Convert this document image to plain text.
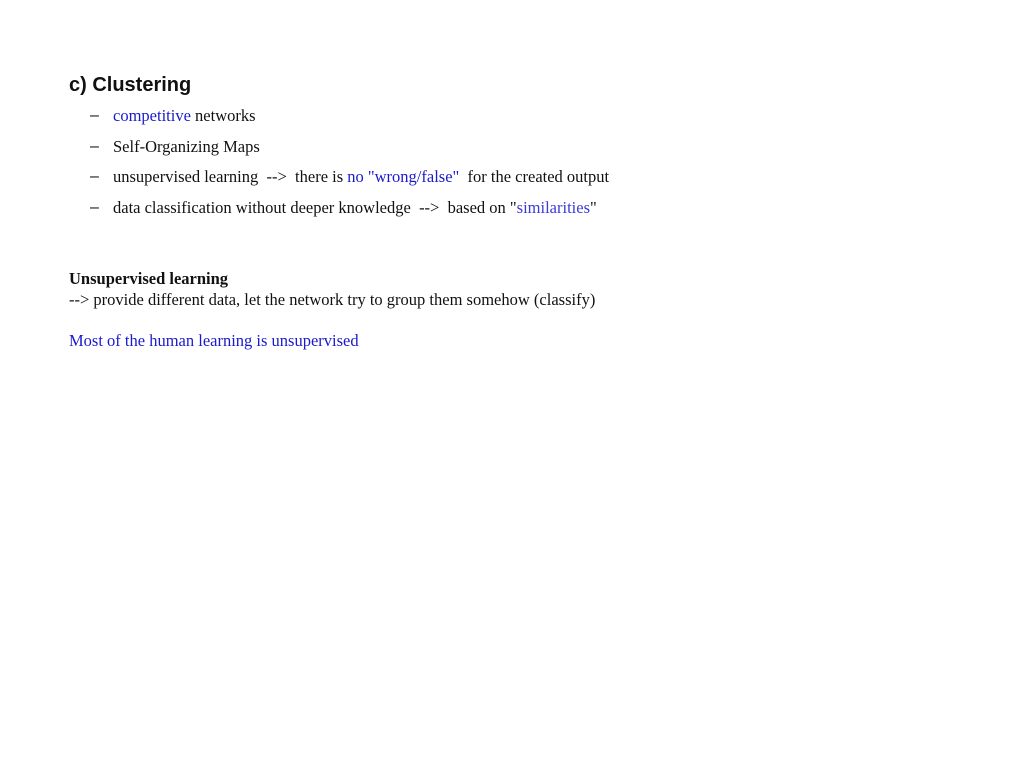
c) Clustering
– competitive networks
– Self-Organizing Maps
– unsupervised learning  -->  there is no "wrong/false"  for the created output
– data classification without deeper knowledge  -->  based on "similarities"
Unsupervised learning
--> provide different data, let the network try to group them somehow (classify)
Most of the human learning is unsupervised
